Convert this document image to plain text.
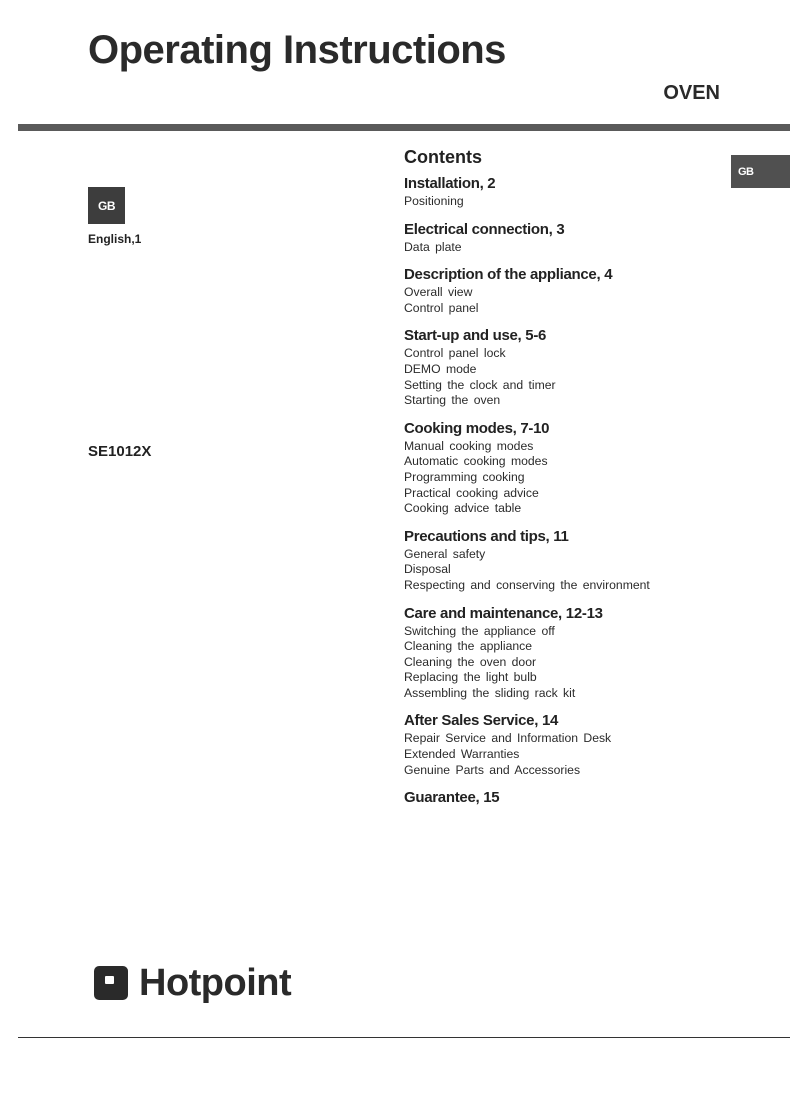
Operating Instructions
OVEN
GB
English,1
SE1012X
GB
Contents
Installation, 2
Positioning
Electrical connection, 3
Data plate
Description of the appliance, 4
Overall view
Control panel
Start-up and use, 5-6
Control panel lock
DEMO mode
Setting the clock and timer
Starting the oven
Cooking modes, 7-10
Manual cooking modes
Automatic cooking modes
Programming cooking
Practical cooking advice
Cooking advice table
Precautions and tips, 11
General safety
Disposal
Respecting and conserving the environment
Care and maintenance, 12-13
Switching the appliance off
Cleaning the appliance
Cleaning the oven door
Replacing the light bulb
Assembling the sliding rack kit
After Sales Service, 14
Repair Service and Information Desk
Extended Warranties
Genuine Parts and Accessories
Guarantee, 15
Hotpoint
